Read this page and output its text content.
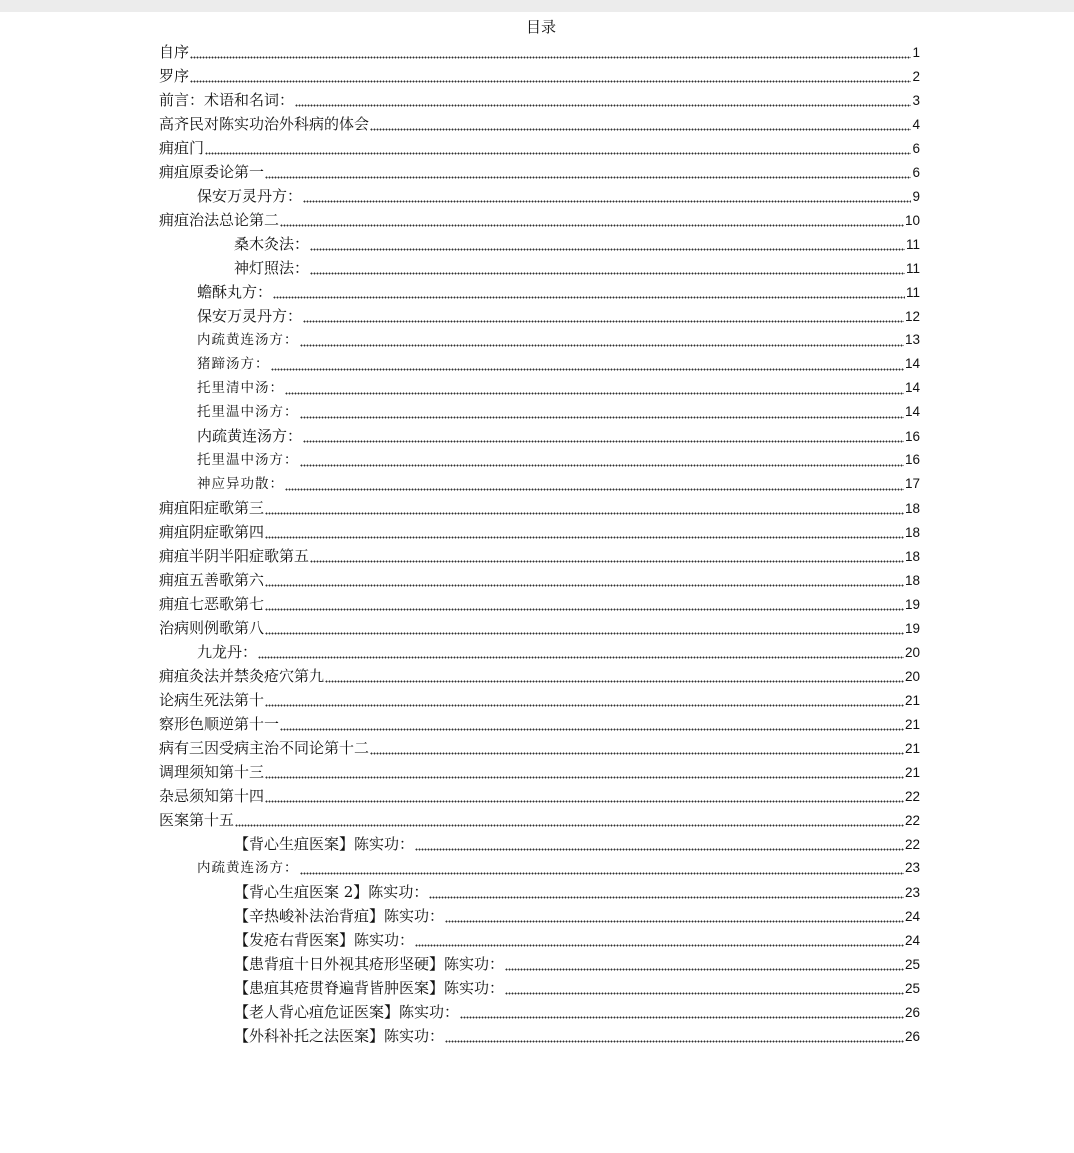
目录
自序	1
罗序	2
前言：术语和名词：	3
高齐民对陈实功治外科病的体会	4
痈疽门	6
痈疽原委论第一	6
保安万灵丹方：	9
痈疽治法总论第二	10
桑木灸法：	11
神灯照法：	11
蟾酥丸方：	11
保安万灵丹方：	12
内疏黄连汤方：	13
猪蹄汤方：	14
托里清中汤：	14
托里温中汤方：	14
内疏黄连汤方：	16
托里温中汤方：	16
神应异功散：	17
痈疽阳症歌第三	18
痈疽阴症歌第四	18
痈疽半阴半阳症歌第五	18
痈疽五善歌第六	18
痈疽七恶歌第七	19
治病则例歌第八	19
九龙丹：	20
痈疽灸法并禁灸疮穴第九	20
论病生死法第十	21
察形色顺逆第十一	21
病有三因受病主治不同论第十二	21
调理须知第十三	21
杂忌须知第十四	22
医案第十五	22
【背心生疽医案】陈实功：	22
内疏黄连汤方：	23
【背心生疽医案 2】陈实功：	23
【辛热峻补法治背疽】陈实功：	24
【发疮右背医案】陈实功：	24
【患背疽十日外视其疮形坚硬】陈实功：	25
【患疽其疮贯脊遍背皆肿医案】陈实功：	25
【老人背心疽危证医案】陈实功：	26
【外科补托之法医案】陈实功：	26
